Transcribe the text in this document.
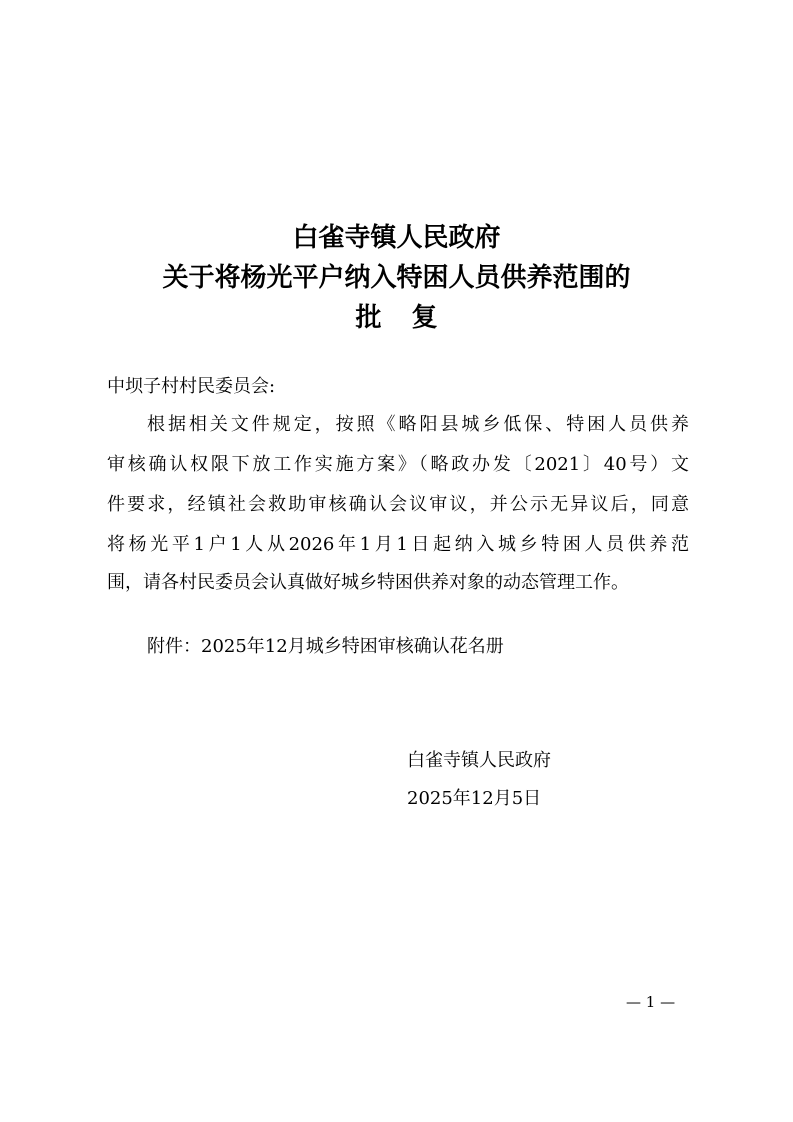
白雀寺镇人民政府
关于将杨光平户纳入特困人员供养范围的
批 复
中坝子村村民委员会:
根据相关文件规定，按照《略阳县城乡低保、特困人员供养
审核确认权限下放工作实施方案》（略政办发〔2021〕40号）文
件要求，经镇社会救助审核确认会议审议，并公示无异议后，同意
将杨光平1户1人从2026年1月1日起纳入城乡特困人员供养范
围，请各村民委员会认真做好城乡特困供养对象的动态管理工作。
附件：2025年12月城乡特困审核确认花名册
白雀寺镇人民政府
2025年12月5日
— 1 —
